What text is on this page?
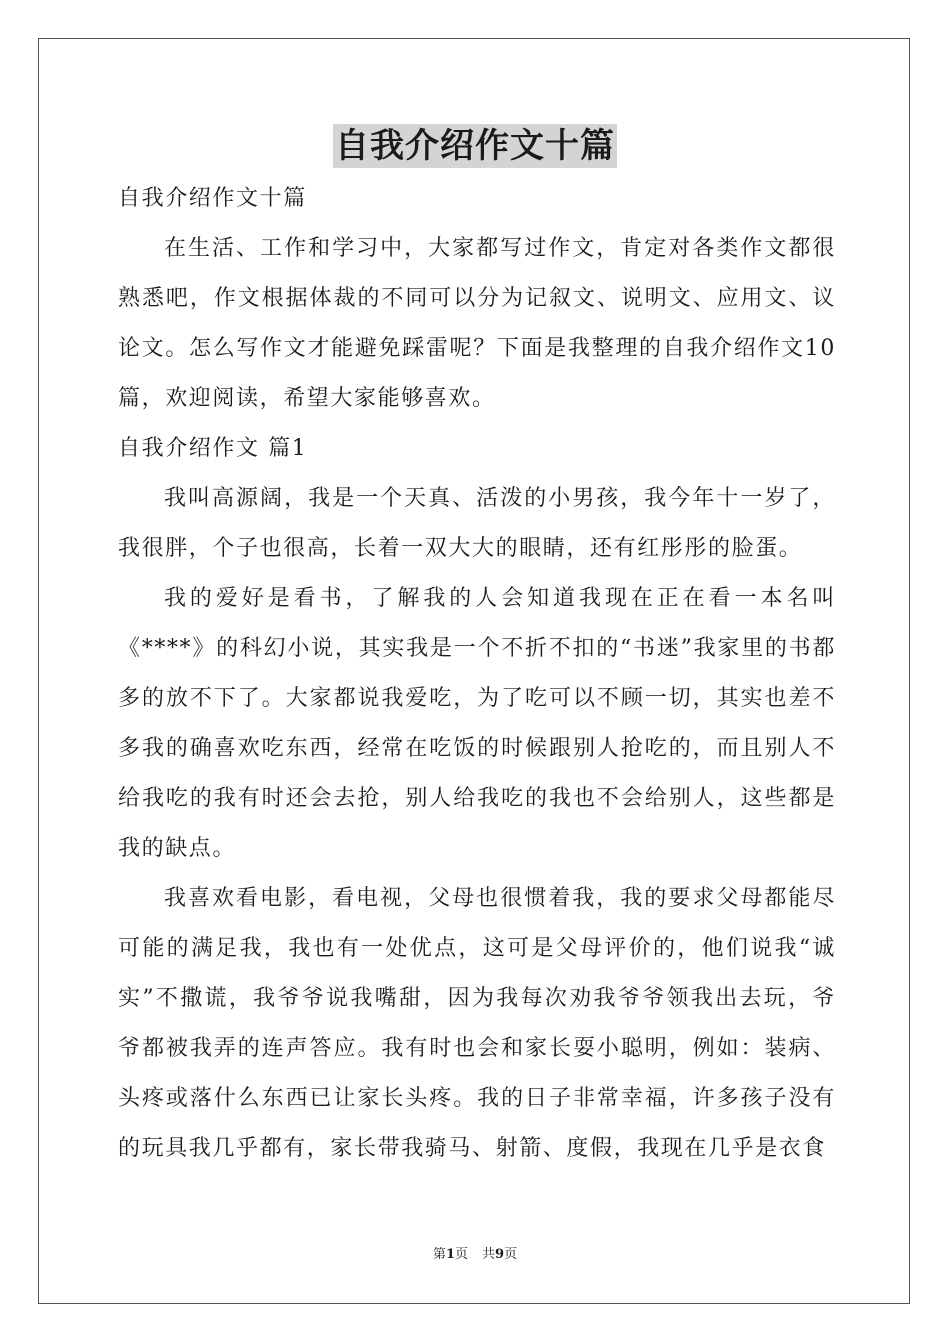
自我介绍作文十篇

自我介绍作文十篇

在生活、工作和学习中，大家都写过作文，肯定对各类作文都很熟悉吧，作文根据体裁的不同可以分为记叙文、说明文、应用文、议论文。怎么写作文才能避免踩雷呢？下面是我整理的自我介绍作文10篇，欢迎阅读，希望大家能够喜欢。

自我介绍作文 篇1

我叫高源阔，我是一个天真、活泼的小男孩，我今年十一岁了，我很胖，个子也很高，长着一双大大的眼睛，还有红彤彤的脸蛋。

我的爱好是看书，了解我的人会知道我现在正在看一本名叫《****》的科幻小说，其实我是一个不折不扣的“书迷”我家里的书都多的放不下了。大家都说我爱吃，为了吃可以不顾一切，其实也差不多我的确喜欢吃东西，经常在吃饭的时候跟别人抢吃的，而且别人不给我吃的我有时还会去抢，别人给我吃的我也不会给别人，这些都是我的缺点。

我喜欢看电影，看电视，父母也很惯着我，我的要求父母都能尽可能的满足我，我也有一处优点，这可是父母评价的，他们说我“诚实”不撒谎，我爷爷说我嘴甜，因为我每次劝我爷爷领我出去玩，爷爷都被我弄的连声答应。我有时也会和家长耍小聪明，例如：装病、头疼或落什么东西已让家长头疼。我的日子非常幸福，许多孩子没有的玩具我几乎都有，家长带我骑马、射箭、度假，我现在几乎是衣食

第1页 共9页
